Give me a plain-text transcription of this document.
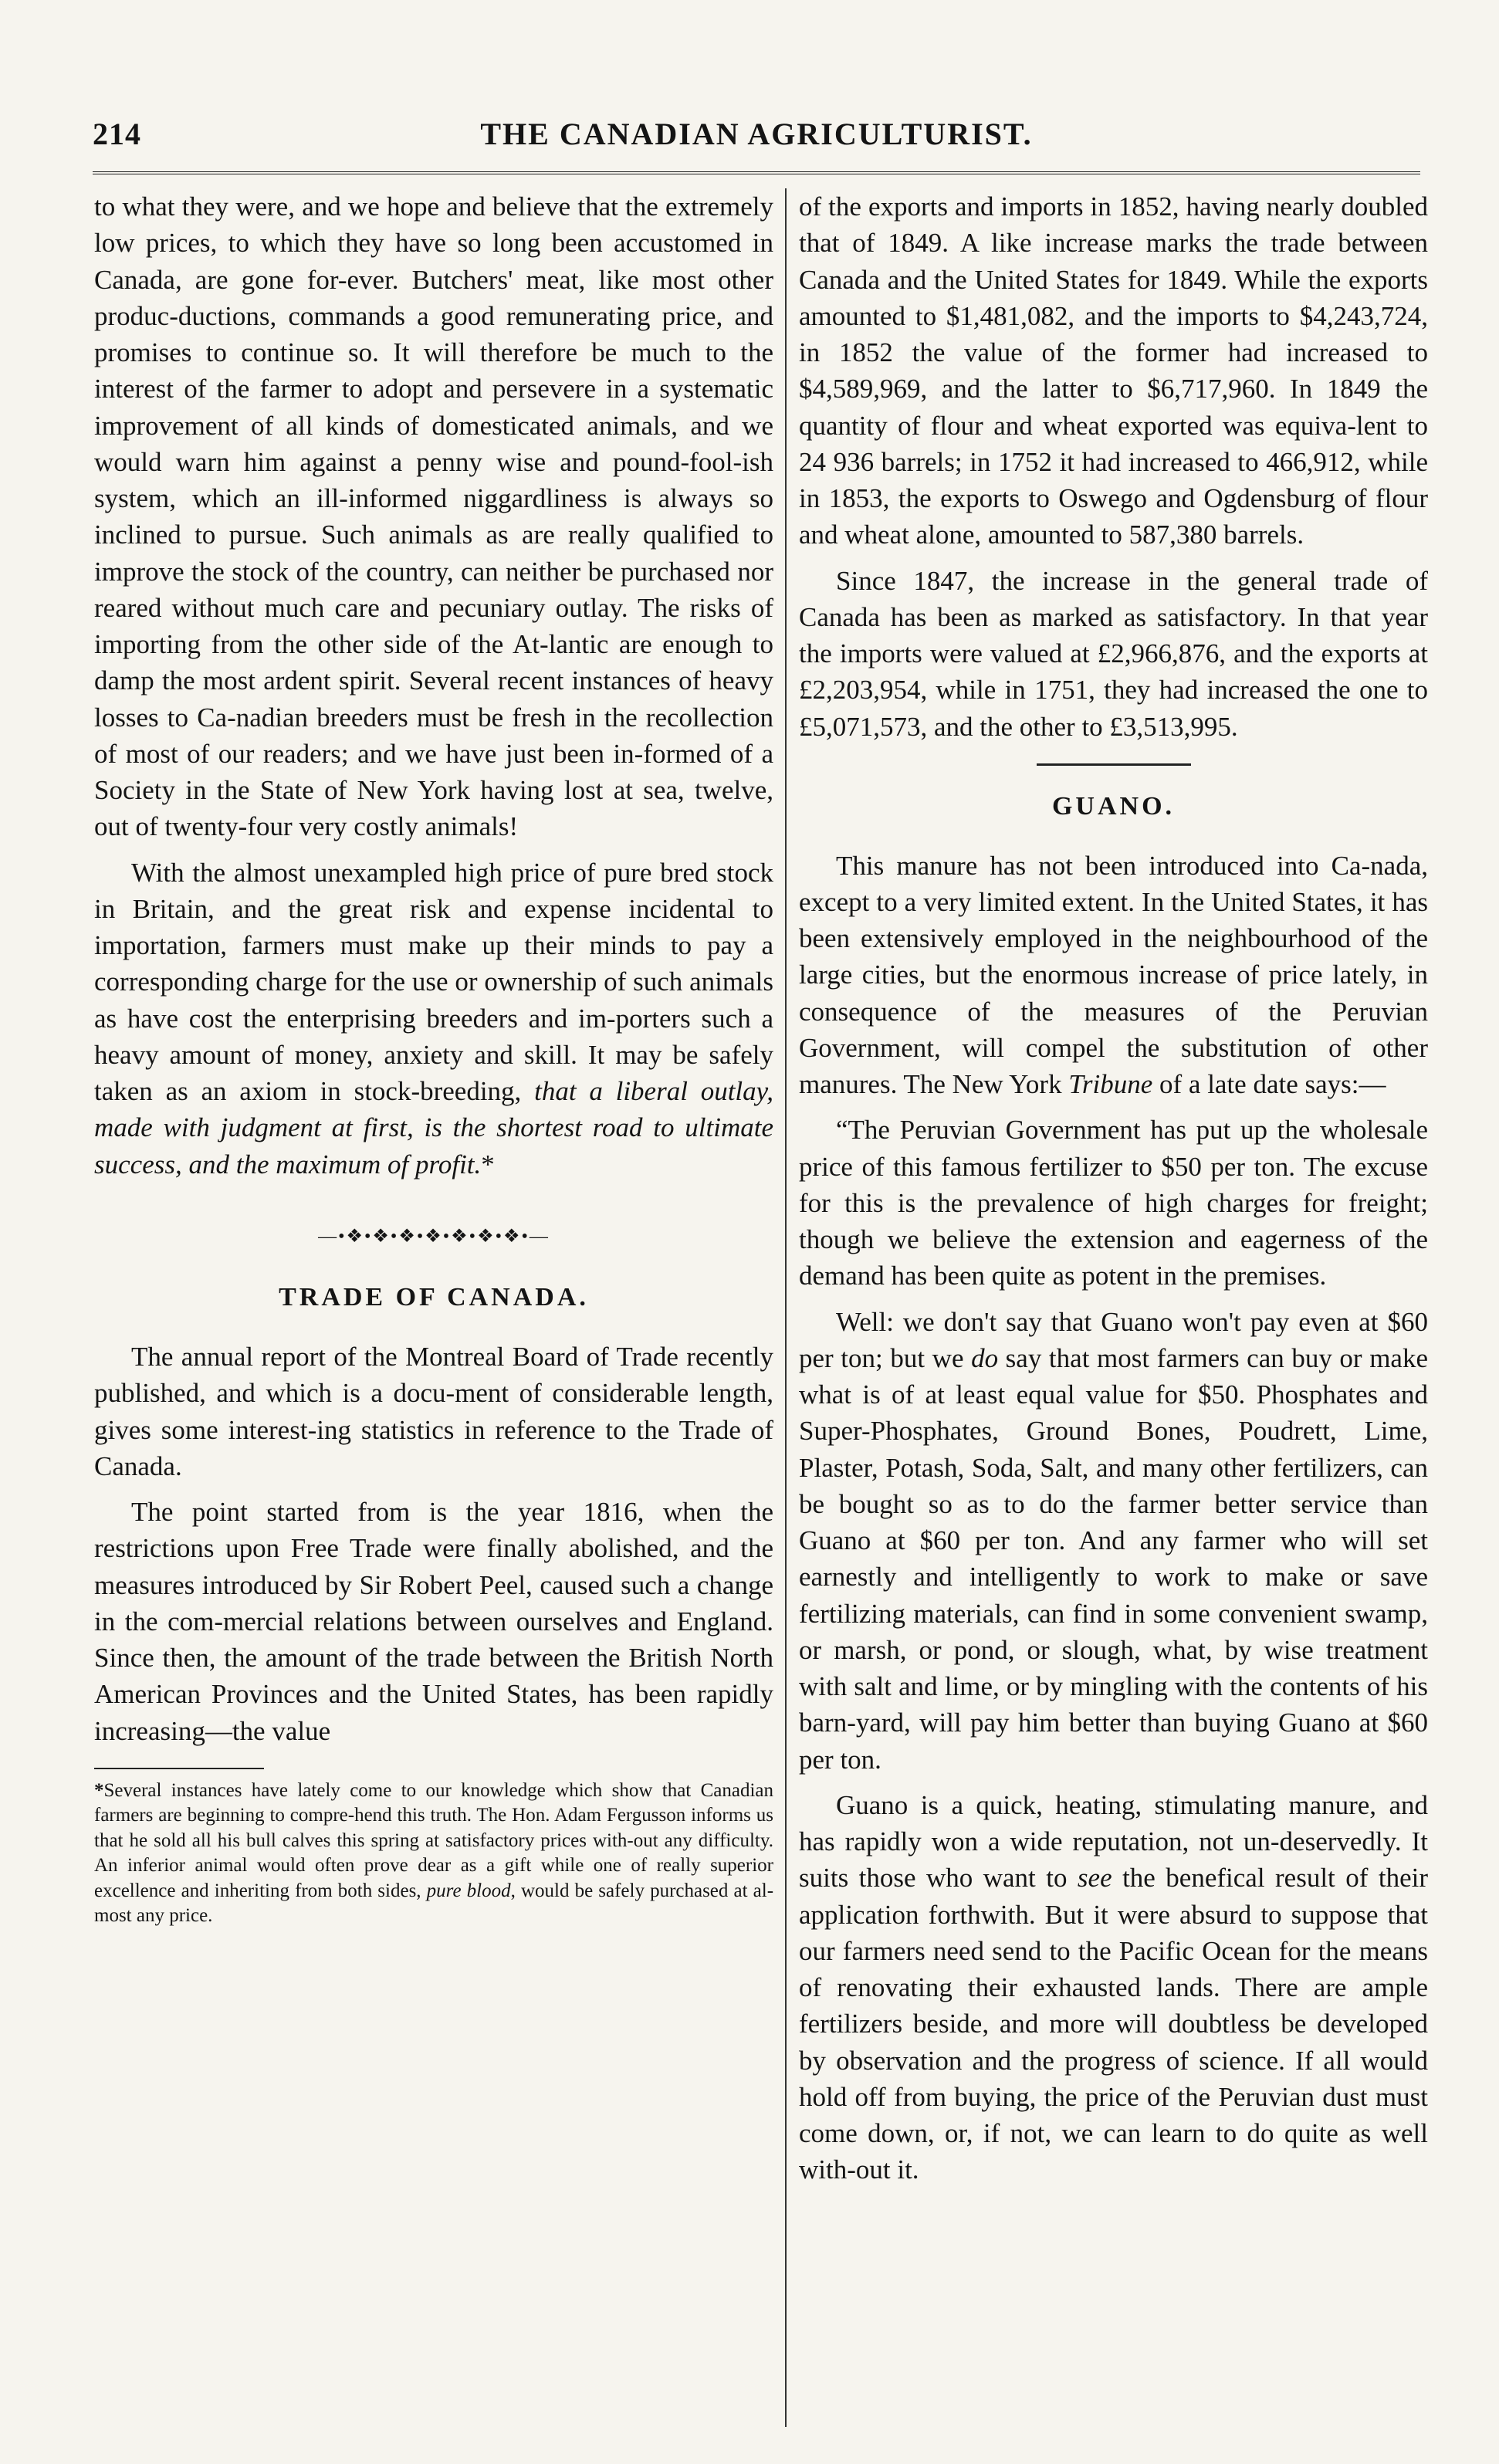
214	THE CANADIAN AGRICULTURIST.

to what they were, and we hope and believe that the extremely low prices, to which they have so long been accustomed in Canada, are gone for-ever. Butchers' meat, like most other produc-ductions, commands a good remunerating price, and promises to continue so. It will therefore be much to the interest of the farmer to adopt and persevere in a systematic improvement of all kinds of domesticated animals, and we would warn him against a penny wise and pound-fool-ish system, which an ill-informed niggardliness is always so inclined to pursue. Such animals as are really qualified to improve the stock of the country, can neither be purchased nor reared without much care and pecuniary outlay. The risks of importing from the other side of the At-lantic are enough to damp the most ardent spirit. Several recent instances of heavy losses to Ca-nadian breeders must be fresh in the recollection of most of our readers; and we have just been in-formed of a Society in the State of New York having lost at sea, twelve, out of twenty-four very costly animals!

With the almost unexampled high price of pure bred stock in Britain, and the great risk and expense incidental to importation, farmers must make up their minds to pay a corresponding charge for the use or ownership of such animals as have cost the enterprising breeders and im-porters such a heavy amount of money, anxiety and skill. It may be safely taken as an axiom in stock-breeding, that a liberal outlay, made with judgment at first, is the shortest road to ultimate success, and the maximum of profit.*

—•❖•❖•❖•❖•❖•❖•❖•—
TRADE OF CANADA.

The annual report of the Montreal Board of Trade recently published, and which is a docu-ment of considerable length, gives some interest-ing statistics in reference to the Trade of Canada.

The point started from is the year 1816, when the restrictions upon Free Trade were finally abolished, and the measures introduced by Sir Robert Peel, caused such a change in the com-mercial relations between ourselves and England. Since then, the amount of the trade between the British North American Provinces and the United States, has been rapidly increasing—the value

*Several instances have lately come to our knowledge which show that Canadian farmers are beginning to compre-hend this truth. The Hon. Adam Fergusson informs us that he sold all his bull calves this spring at satisfactory prices with-out any difficulty. An inferior animal would often prove dear as a gift while one of really superior excellence and inheriting from both sides, pure blood, would be safely purchased at al-most any price.

of the exports and imports in 1852, having nearly doubled that of 1849. A like increase marks the trade between Canada and the United States for 1849. While the exports amounted to $1,481,082, and the imports to $4,243,724, in 1852 the value of the former had increased to $4,589,969, and the latter to $6,717,960. In 1849 the quantity of flour and wheat exported was equiva-lent to 24 936 barrels; in 1752 it had increased to 466,912, while in 1853, the exports to Oswego and Ogdensburg of flour and wheat alone, amounted to 587,380 barrels.

Since 1847, the increase in the general trade of Canada has been as marked as satisfactory. In that year the imports were valued at £2,966,876, and the exports at £2,203,954, while in 1751, they had increased the one to £5,071,573, and the other to £3,513,995.

GUANO.

This manure has not been introduced into Ca-nada, except to a very limited extent. In the United States, it has been extensively employed in the neighbourhood of the large cities, but the enormous increase of price lately, in consequence of the measures of the Peruvian Government, will compel the substitution of other manures. The New York Tribune of a late date says:—

“The Peruvian Government has put up the wholesale price of this famous fertilizer to $50 per ton. The excuse for this is the prevalence of high charges for freight; though we believe the extension and eagerness of the demand has been quite as potent in the premises.

Well: we don't say that Guano won't pay even at $60 per ton; but we do say that most farmers can buy or make what is of at least equal value for $50. Phosphates and Super-Phosphates, Ground Bones, Poudrett, Lime, Plaster, Potash, Soda, Salt, and many other fertilizers, can be bought so as to do the farmer better service than Guano at $60 per ton. And any farmer who will set earnestly and intelligently to work to make or save fertilizing materials, can find in some convenient swamp, or marsh, or pond, or slough, what, by wise treatment with salt and lime, or by mingling with the contents of his barn-yard, will pay him better than buying Guano at $60 per ton.

Guano is a quick, heating, stimulating manure, and has rapidly won a wide reputation, not un-deservedly. It suits those who want to see the benefical result of their application forthwith. But it were absurd to suppose that our farmers need send to the Pacific Ocean for the means of renovating their exhausted lands. There are ample fertilizers beside, and more will doubtless be developed by observation and the progress of science. If all would hold off from buying, the price of the Peruvian dust must come down, or, if not, we can learn to do quite as well with-out it.
